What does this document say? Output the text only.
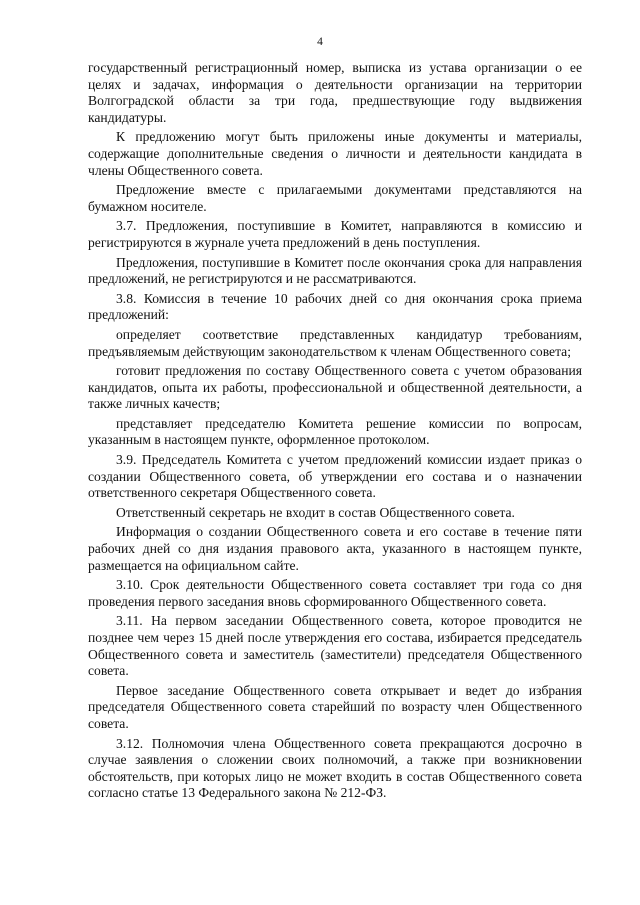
4

государственный регистрационный номер, выписка из устава организации о ее целях и задачах, информация о деятельности организации на территории Волгоградской области за три года, предшествующие году выдвижения кандидатуры.

К предложению могут быть приложены иные документы и материалы, содержащие дополнительные сведения о личности и деятельности кандидата в члены Общественного совета.

Предложение вместе с прилагаемыми документами представляются на бумажном носителе.

3.7. Предложения, поступившие в Комитет, направляются в комиссию и регистрируются в журнале учета предложений в день поступления.

Предложения, поступившие в Комитет после окончания срока для направления предложений, не регистрируются и не рассматриваются.

3.8. Комиссия в течение 10 рабочих дней со дня окончания срока приема предложений:

определяет соответствие представленных кандидатур требованиям, предъявляемым действующим законодательством к членам Общественного совета;

готовит предложения по составу Общественного совета с учетом образования кандидатов, опыта их работы, профессиональной и общественной деятельности, а также личных качеств;

представляет председателю Комитета решение комиссии по вопросам, указанным в настоящем пункте, оформленное протоколом.

3.9. Председатель Комитета с учетом предложений комиссии издает приказ о создании Общественного совета, об утверждении его состава и о назначении ответственного секретаря Общественного совета.

Ответственный секретарь не входит в состав Общественного совета.

Информация о создании Общественного совета и его составе в течение пяти рабочих дней со дня издания правового акта, указанного в настоящем пункте, размещается на официальном сайте.

3.10. Срок деятельности Общественного совета составляет три года со дня проведения первого заседания вновь сформированного Общественного совета.

3.11. На первом заседании Общественного совета, которое проводится не позднее чем через 15 дней после утверждения его состава, избирается председатель Общественного совета и заместитель (заместители) председателя Общественного совета.

Первое заседание Общественного совета открывает и ведет до избрания председателя Общественного совета старейший по возрасту член Общественного совета.

3.12. Полномочия члена Общественного совета прекращаются досрочно в случае заявления о сложении своих полномочий, а также при возникновении обстоятельств, при которых лицо не может входить в состав Общественного совета согласно статье 13 Федерального закона № 212-ФЗ.
